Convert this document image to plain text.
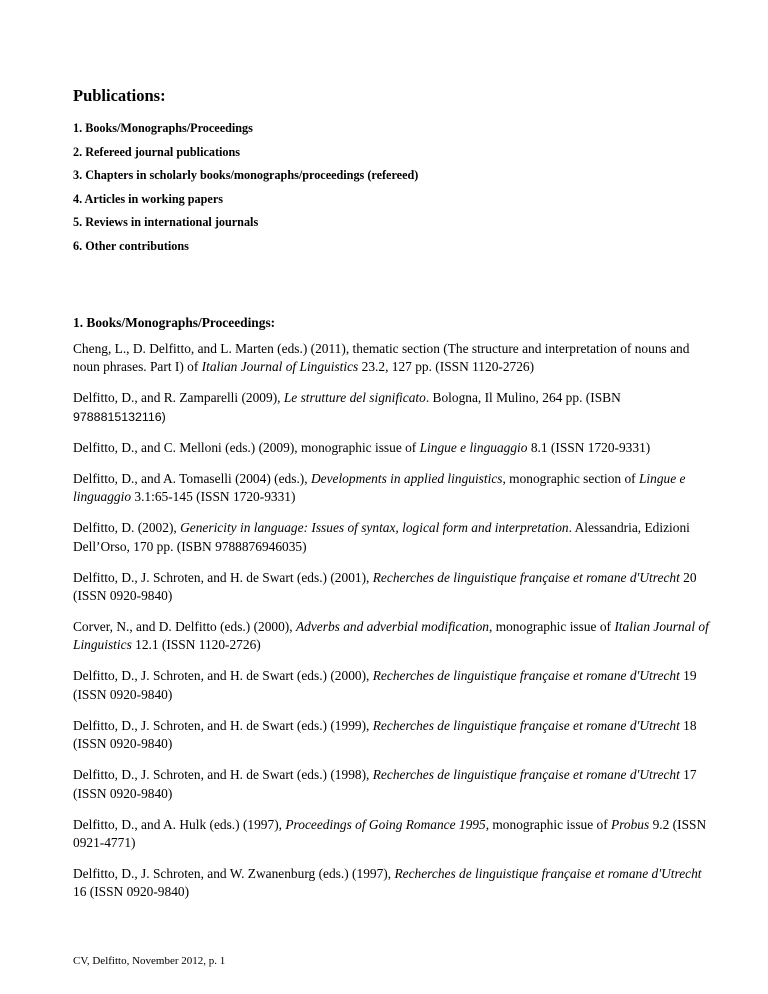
Publications:
1. Books/Monographs/Proceedings
2. Refereed journal publications
3. Chapters in scholarly books/monographs/proceedings (refereed)
4. Articles in working papers
5. Reviews in international journals
6. Other contributions
1. Books/Monographs/Proceedings:

Cheng, L., D. Delfitto, and L. Marten (eds.) (2011), thematic section (The structure and interpretation of nouns and noun phrases. Part I) of Italian Journal of Linguistics 23.2, 127 pp. (ISSN 1120-2726)

Delfitto, D., and R. Zamparelli (2009), Le strutture del significato. Bologna, Il Mulino, 264 pp. (ISBN 9788815132116)

Delfitto, D., and C. Melloni (eds.) (2009), monographic issue of Lingue e linguaggio 8.1 (ISSN 1720-9331)

Delfitto, D., and A. Tomaselli (2004) (eds.), Developments in applied linguistics, monographic section of Lingue e linguaggio 3.1:65-145 (ISSN 1720-9331)

Delfitto, D. (2002), Genericity in language: Issues of syntax, logical form and interpretation. Alessandria, Edizioni Dell’Orso, 170 pp. (ISBN 9788876946035)

Delfitto, D., J. Schroten, and H. de Swart (eds.) (2001), Recherches de linguistique française et romane d'Utrecht 20 (ISSN 0920-9840)

Corver, N., and D. Delfitto (eds.) (2000), Adverbs and adverbial modification, monographic issue of Italian Journal of Linguistics 12.1 (ISSN 1120-2726)

Delfitto, D., J. Schroten, and H. de Swart (eds.) (2000), Recherches de linguistique française et romane d'Utrecht 19 (ISSN 0920-9840)

Delfitto, D., J. Schroten, and H. de Swart (eds.) (1999), Recherches de linguistique française et romane d'Utrecht 18 (ISSN 0920-9840)

Delfitto, D., J. Schroten, and H. de Swart (eds.) (1998), Recherches de linguistique française et romane d'Utrecht 17 (ISSN 0920-9840)

Delfitto, D., and A. Hulk (eds.) (1997), Proceedings of Going Romance 1995, monographic issue of Probus 9.2 (ISSN 0921-4771)

Delfitto, D., J. Schroten, and W. Zwanenburg (eds.) (1997), Recherches de linguistique française et romane d'Utrecht 16 (ISSN 0920-9840)

CV, Delfitto, November 2012, p. 1
